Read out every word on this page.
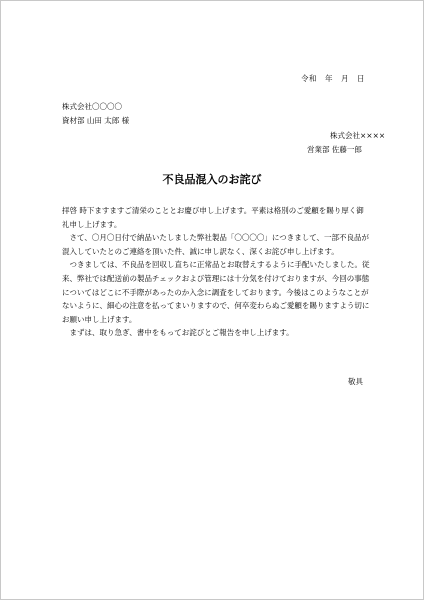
令和　年　月　日
株式会社〇〇〇〇
資材部 山田 太郎 様
株式会社××××
営業部 佐藤一郎
不良品混入のお詫び

拝啓 時下ますますご清栄のこととお慶び申し上げます。平素は格別のご愛顧を賜り厚く御礼申し上げます。

さて、〇月〇日付で納品いたしました弊社製品「〇〇〇〇」につきまして、一部不良品が混入していたとのご連絡を頂いた件、誠に申し訳なく、深くお詫び申し上げます。

つきましては、不良品を回収し直ちに正常品とお取替えするように手配いたしました。従来、弊社では配送前の製品チェックおよび管理には十分気を付けておりますが、今回の事態についてはどこに不手際があったのか入念に調査をしております。今後はこのようなことがないように、細心の注意を払ってまいりますので、何卒変わらぬご愛顧を賜りますよう切にお願い申し上げます。

まずは、取り急ぎ、書中をもってお詫びとご報告を申し上げます。

敬具
